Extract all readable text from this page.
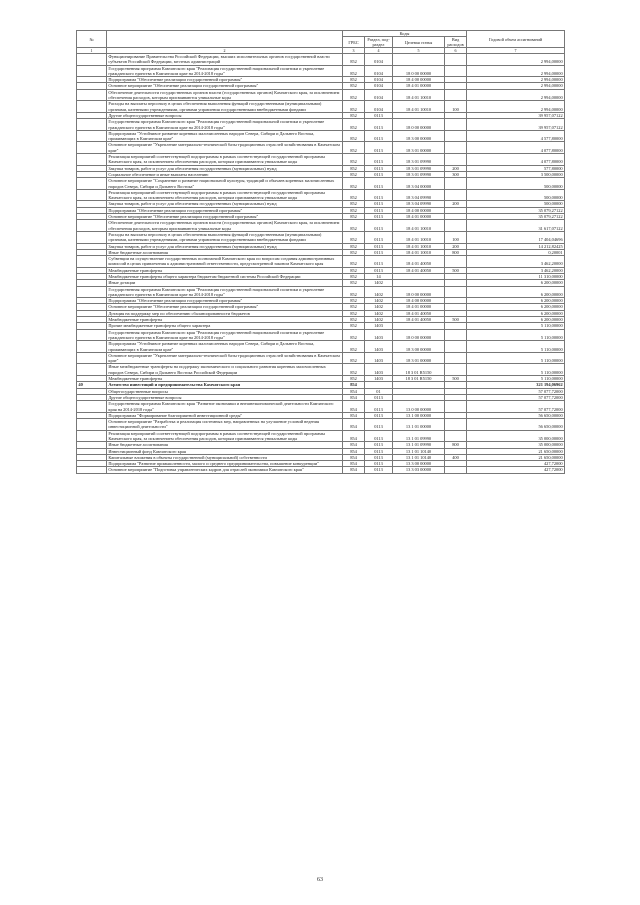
№		Коды				Годовой объем ассигнований
		ГРБС	Раздел, под-раздел	Целевая статья	Вид расходов	
1	2	3	4	5	6	7
	Функционирование Правительства Российской Федерации, высших исполнительных органов государственной власти субъектов Российской Федерации, местных администраций	852	0104			2 994,00000
	Государственная программа Камчатского края "Реализация государственной национальной политики и укрепление гражданского единства в Камчатском крае на 2014-2018 годы"	852	0104	18 0 00 00000		2 994,00000
	Подпрограмма "Обеспечение реализации государственной программы"	852	0104	18 4 00 00000		2 994,00000
	Основное мероприятие "Обеспечение реализации государственной программы"	852	0104	18 4 01 00000		2 994,00000
	Обеспечение деятельности государственных органов власти (государственных органов) Камчатского края, за исключением обеспечения расходов, которым присваиваются уникальные коды	852	0104	18 4 01 10010		2 994,00000
	Расходы на выплаты персоналу в целях обеспечения выполнения функций государственными (муниципальными) органами, казенными учреждениями, органами управления государственными внебюджетными фондами	852	0104	18 4 01 10010	100	2 994,00000
	Другие общегосударственные вопросы	852	0113			39 957,07122
	Государственная программа Камчатского края "Реализация государственной национальной политики и укрепление гражданского единства в Камчатском крае на 2014-2018 годы"	852	0113	18 0 00 00000		39 957,07122
	Подпрограмма "Устойчивое развитие коренных малочисленных народов Севера, Сибири и Дальнего Востока, проживающих в Камчатском крае"	852	0113	18 3 00 00000		4 577,80000
	Основное мероприятие "Укрепление материально-технической базы традиционных отраслей хозяйствования в Камчатском крае"	852	0113	18 3 01 00000		4 077,80000
	Реализация мероприятий соответствующей подпрограммы в рамках соответствующей государственной программы Камчатского края, за исключением обеспечения расходов, которым присваиваются уникальные коды	852	0113	18 3 01 09990		4 077,80000
	Закупка товаров, работ и услуг для обеспечения государственных (муниципальных) нужд	852	0113	18 3 01 09990	200	577,80000
	Социальное обеспечение и иные выплаты населению	852	0113	18 3 01 09990	300	3 500,00000
	Основное мероприятие "Сохранение и развитие национальной культуры, традиций и обычаев коренных малочисленных народов Севера, Сибири и Дальнего Востока"	852	0113	18 3 04 00000		500,00000
	Реализация мероприятий соответствующей подпрограммы в рамках соответствующей государственной программы Камчатского края, за исключением обеспечения расходов, которым присваиваются уникальные коды	852	0113	18 3 04 09990		500,00000
	Закупка товаров, работ и услуг для обеспечения государственных (муниципальных) нужд	852	0113	18 3 04 09990	200	500,00000
	Подпрограмма "Обеспечение реализации государственной программы"	852	0113	18 4 00 00000		35 079,27122
	Основное мероприятие "Обеспечение реализации государственной программы"	852	0113	18 4 01 00000		35 079,27122
	Обеспечение деятельности государственных органов власти (государственных органов) Камчатского края, за исключением обеспечения расходов, которым присваиваются уникальные коды	852	0113	18 4 01 10010		31 617,07122
	Расходы на выплаты персоналу в целях обеспечения выполнения функций государственными (муниципальными) органами, казенными учреждениями, органами управления государственными внебюджетными фондами	852	0113	18 4 01 10010	100	17 404,04696
	Закупка товаров, работ и услуг для обеспечения государственных (муниципальных) нужд	852	0113	18 4 01 10010	200	14 212,82425
	Иные бюджетные ассигнования	852	0113	18 4 01 10010	800	0,20001
	Субвенции на осуществление государственных полномочий Камчатского края по вопросам создания административных комиссий в целях привлечения к административной ответственности, предусмотренной законом Камчатского края	852	0113	18 4 01 40050		3 462,20000
	Межбюджетные трансферты	852	0113	18 4 01 40050	500	3 462,20000
	Межбюджетные трансферты общего характера бюджетам бюджетной системы Российской Федерации	852	14			11 310,00000
	Иные дотации	852	1402			6 200,00000
	Государственная программа Камчатского края "Реализация государственной национальной политики и укрепление гражданского единства в Камчатском крае на 2014-2018 годы"	852	1402	18 0 00 00000		6 200,00000
	Подпрограмма "Обеспечение реализации государственной программы"	852	1402	18 4 00 00000		6 200,00000
	Основное мероприятие "Обеспечение реализации государственной программы"	852	1402	18 4 01 00000		6 200,00000
	Дотация на поддержку мер по обеспечению сбалансированности бюджетов	852	1402	18 4 01 40050		6 200,00000
	Межбюджетные трансферты	852	1402	18 4 01 40050	500	6 200,00000
	Прочие межбюджетные трансферты общего характера	852	1403			5 110,00000
	Государственная программа Камчатского края "Реализация государственной национальной политики и укрепление гражданского единства в Камчатском крае на 2014-2018 годы"	852	1403	18 0 00 00000		5 110,00000
	Подпрограмма "Устойчивое развитие коренных малочисленных народов Севера, Сибири и Дальнего Востока, проживающих в Камчатском крае"	852	1403	18 3 00 00000		5 110,00000
	Основное мероприятие "Укрепление материально-технической базы традиционных отраслей хозяйствования в Камчатском крае"	852	1403	18 3 01 00000		5 110,00000
	Иные межбюджетные трансферты на поддержку экономического и социального развития коренных малочисленных народов Севера, Сибири и Дальнего Востока Российской Федерации	852	1403	18 3 01 R5150		5 110,00000
	Межбюджетные трансферты	852	1403	18 3 01 R5150	500	5 110,00000
40	Агентство инвестиций и предпринимательства Камчатского края	854				321 194,06962
	Общегосударственные вопросы	854	01			57 077,72000
	Другие общегосударственные вопросы	854	0113			57 077,72000
	Государственная программа Камчатского края "Развитие экономики и внешнеэкономической деятельности Камчатского края на 2014-2018 годы"	854	0113	13 0 00 00000		57 077,72000
	Подпрограмма "Формирование благоприятной инвестиционной среды"	854	0113	13 1 00 00000		56 650,00000
	Основное мероприятие "Разработка и реализация системных мер, направленных на улучшение условий ведения инвестиционной деятельности"	854	0113	13 1 01 00000		56 650,00000
	Реализация мероприятий соответствующей подпрограммы в рамках соответствующей государственной программы Камчатского края, за исключением обеспечения расходов, которым присваиваются уникальные коды	854	0113	13 1 01 09990		35 000,00000
	Иные бюджетные ассигнования	854	0113	13 1 01 09990	800	35 000,00000
	Инвестиционный фонд Камчатского края	854	0113	13 1 01 10140		21 650,00000
	Капитальные вложения в объекты государственной (муниципальной) собственности	854	0113	13 1 01 10140	400	21 650,00000
	Подпрограмма "Развитие промышленности, малого и среднего предпринимательства, повышение конкуренции"	854	0113	13 3 00 00000		427,72000
	Основное мероприятие "Подготовка управленческих кадров для отраслей экономики Камчатского края"	854	0113	13 3 03 00000		427,72000
63
